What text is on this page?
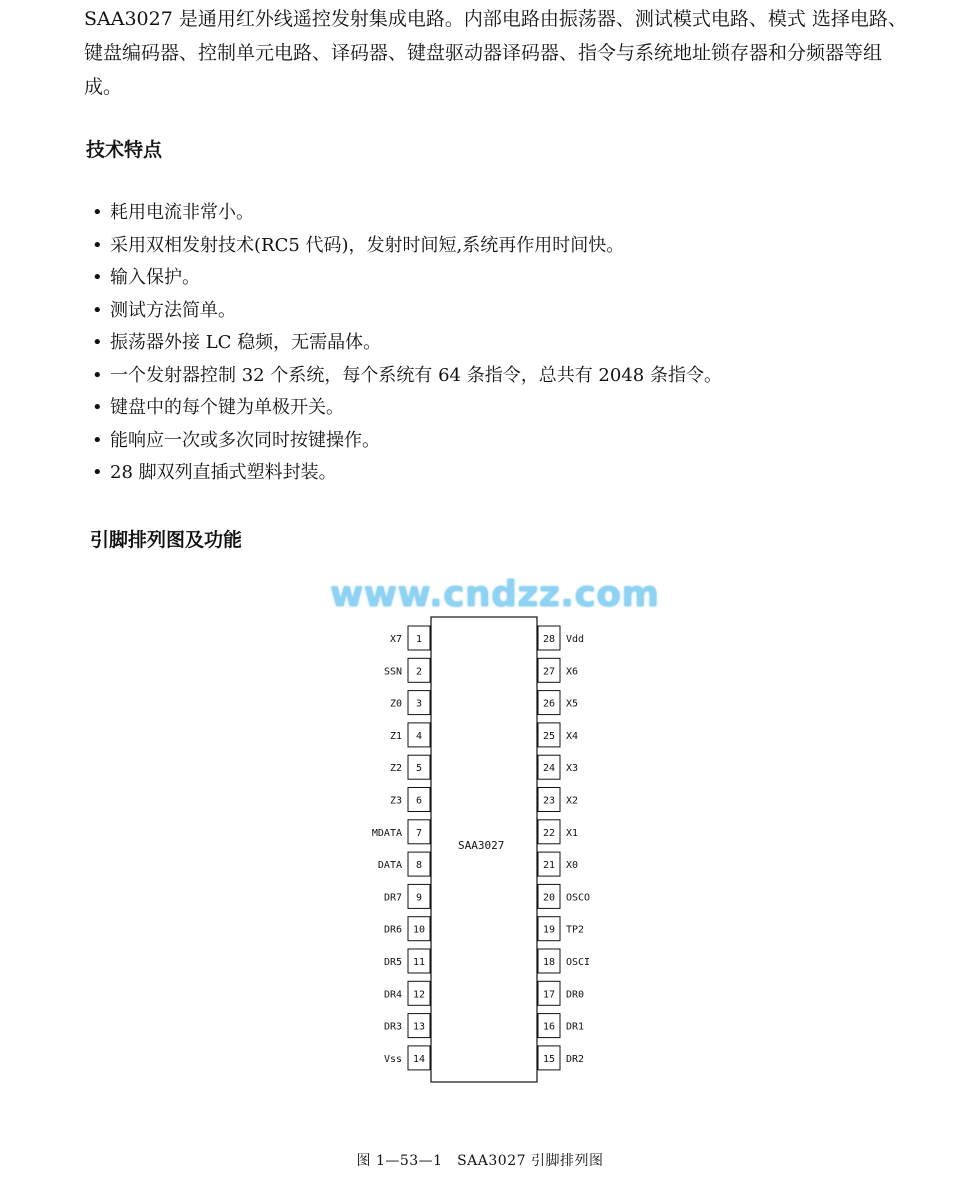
SAA3027 是通用红外线遥控发射集成电路。内部电路由振荡器、测试模式电路、模式 选择电路、键盘编码器、控制单元电路、译码器、键盘驱动器译码器、指令与系统地址锁存器和分频器等组成。
技术特点
• 耗用电流非常小。
• 采用双相发射技术(RC5 代码)，发射时间短,系统再作用时间快。
• 输入保护。
• 测试方法简单。
• 振荡器外接 LC 稳频，无需晶体。
• 一个发射器控制 32 个系统，每个系统有 64 条指令，总共有 2048 条指令。
• 键盘中的每个键为单极开关。
• 能响应一次或多次同时按键操作。
• 28 脚双列直插式塑料封装。
引脚排列图及功能
www.cndzz.com
SAA3027
1
X7
2
SSN
3
Z0
4
Z1
5
Z2
6
Z3
7
MDATA
8
DATA
9
DR7
10
DR6
11
DR5
12
DR4
13
DR3
14
Vss
28 Vdd
27 X6
26 X5
25 X4
24 X3
23 X2
22 X1
21 X0
20 OSCO
19 TP2
18 OSCI
17 DR0
16 DR1
15 DR2
图 1—53—1　SAA3027 引脚排列图
